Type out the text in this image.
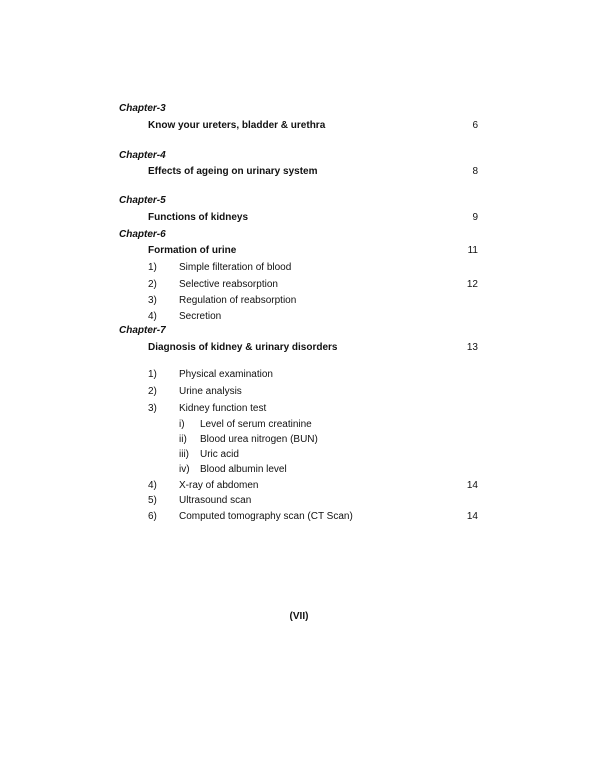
Chapter-3
Know your ureters, bladder & urethra	6
Chapter-4
Effects of ageing on urinary system	8
Chapter-5
Functions of kidneys	9
Chapter-6
Formation of urine	11
1) Simple filteration of blood
2) Selective reabsorption	12
3) Regulation of reabsorption
4) Secretion
Chapter-7
Diagnosis of kidney & urinary disorders	13
1) Physical examination
2) Urine analysis
3) Kidney function test
i) Level of serum creatinine
ii) Blood urea nitrogen (BUN)
iii) Uric acid
iv) Blood albumin level
4) X-ray of abdomen	14
5) Ultrasound scan
6) Computed tomography scan (CT Scan)	14
(VII)
